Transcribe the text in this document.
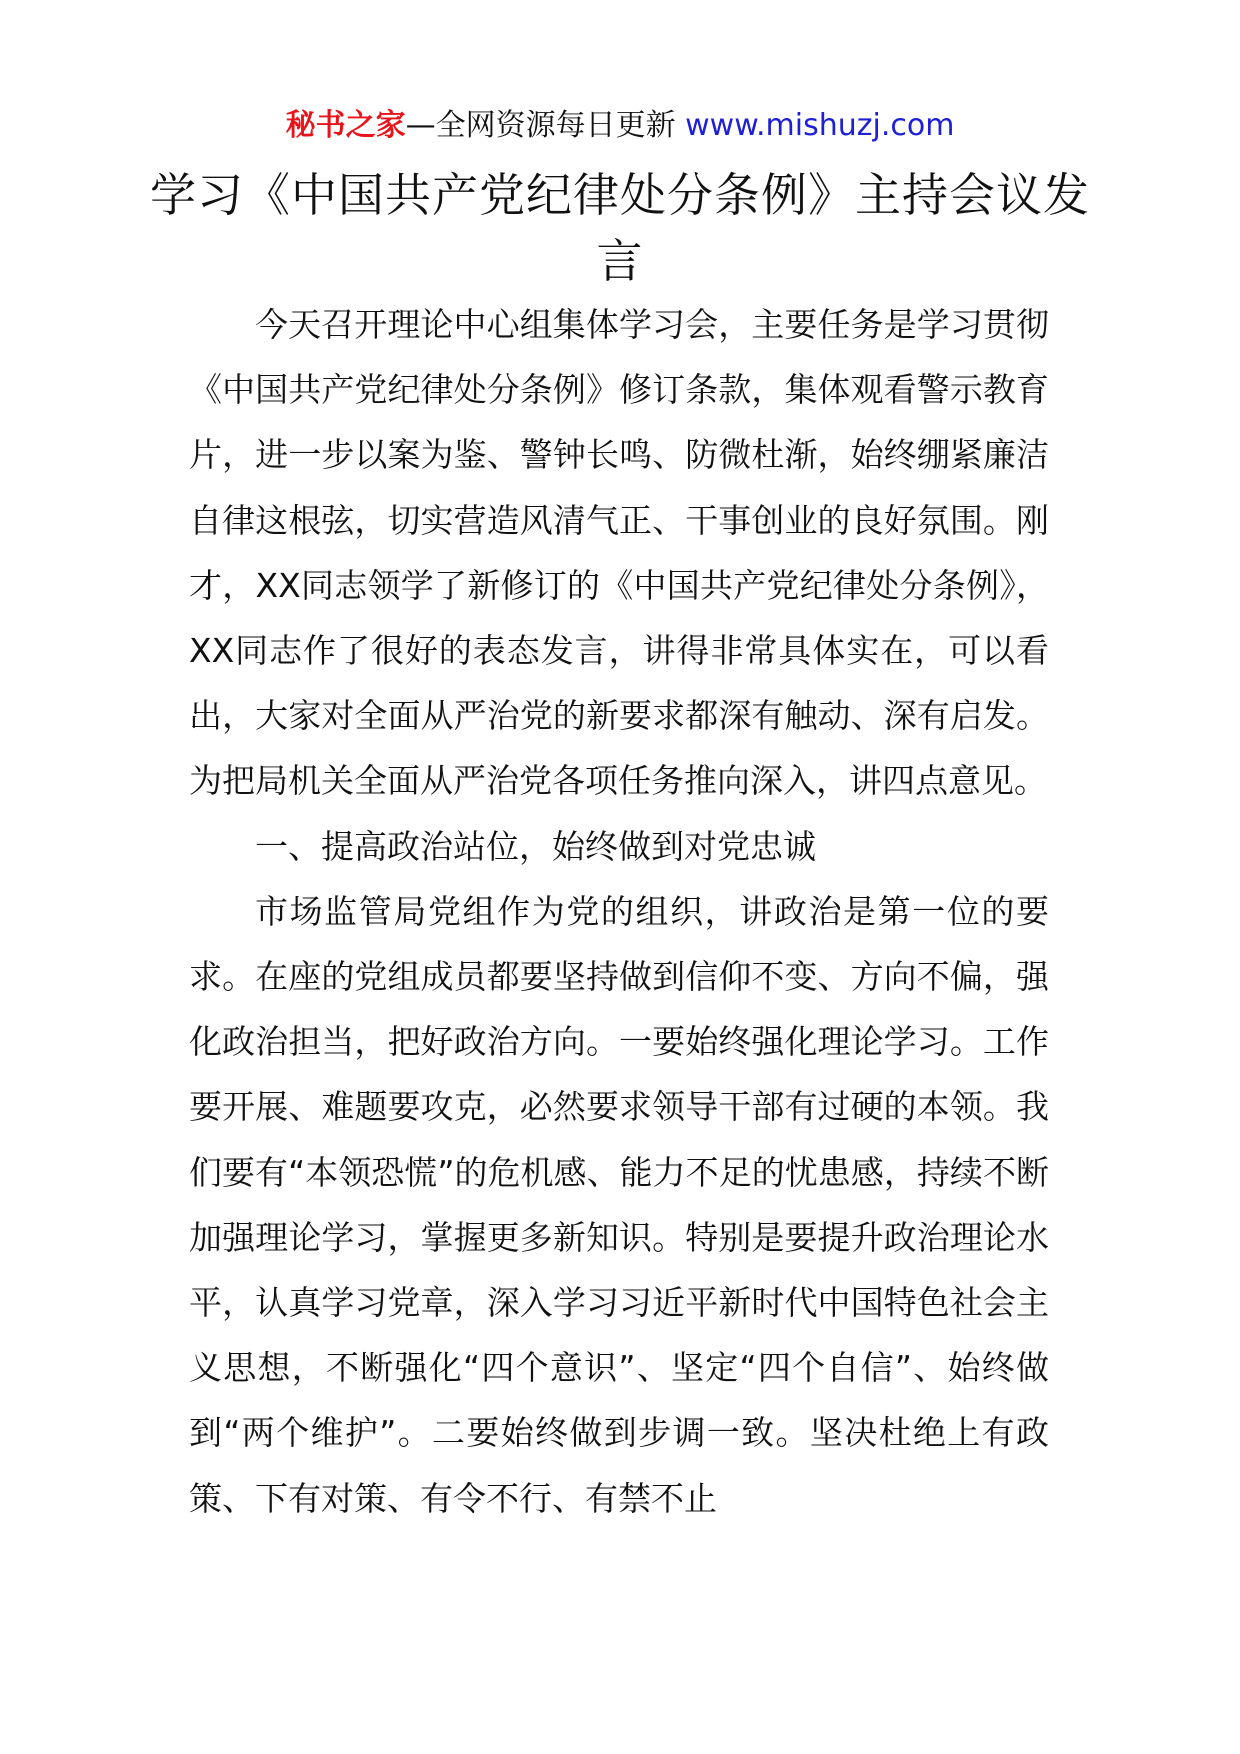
秘书之家—全网资源每日更新 www.mishuzj.com
学习《中国共产党纪律处分条例》主持会议发言

今天召开理论中心组集体学习会，主要任务是学习贯彻《中国共产党纪律处分条例》修订条款，集体观看警示教育片，进一步以案为鉴、警钟长鸣、防微杜渐，始终绷紧廉洁自律这根弦，切实营造风清气正、干事创业的良好氛围。刚才，XX同志领学了新修订的《中国共产党纪律处分条例》，XX同志作了很好的表态发言，讲得非常具体实在，可以看出，大家对全面从严治党的新要求都深有触动、深有启发。为把局机关全面从严治党各项任务推向深入，讲四点意见。

一、提高政治站位，始终做到对党忠诚

市场监管局党组作为党的组织，讲政治是第一位的要求。在座的党组成员都要坚持做到信仰不变、方向不偏，强化政治担当，把好政治方向。一要始终强化理论学习。工作要开展、难题要攻克，必然要求领导干部有过硬的本领。我们要有“本领恐慌”的危机感、能力不足的忧患感，持续不断加强理论学习，掌握更多新知识。特别是要提升政治理论水平，认真学习党章，深入学习习近平新时代中国特色社会主义思想，不断强化“四个意识”、坚定“四个自信”、始终做到“两个维护”。二要始终做到步调一致。坚决杜绝上有政策、下有对策、有令不行、有禁不止
